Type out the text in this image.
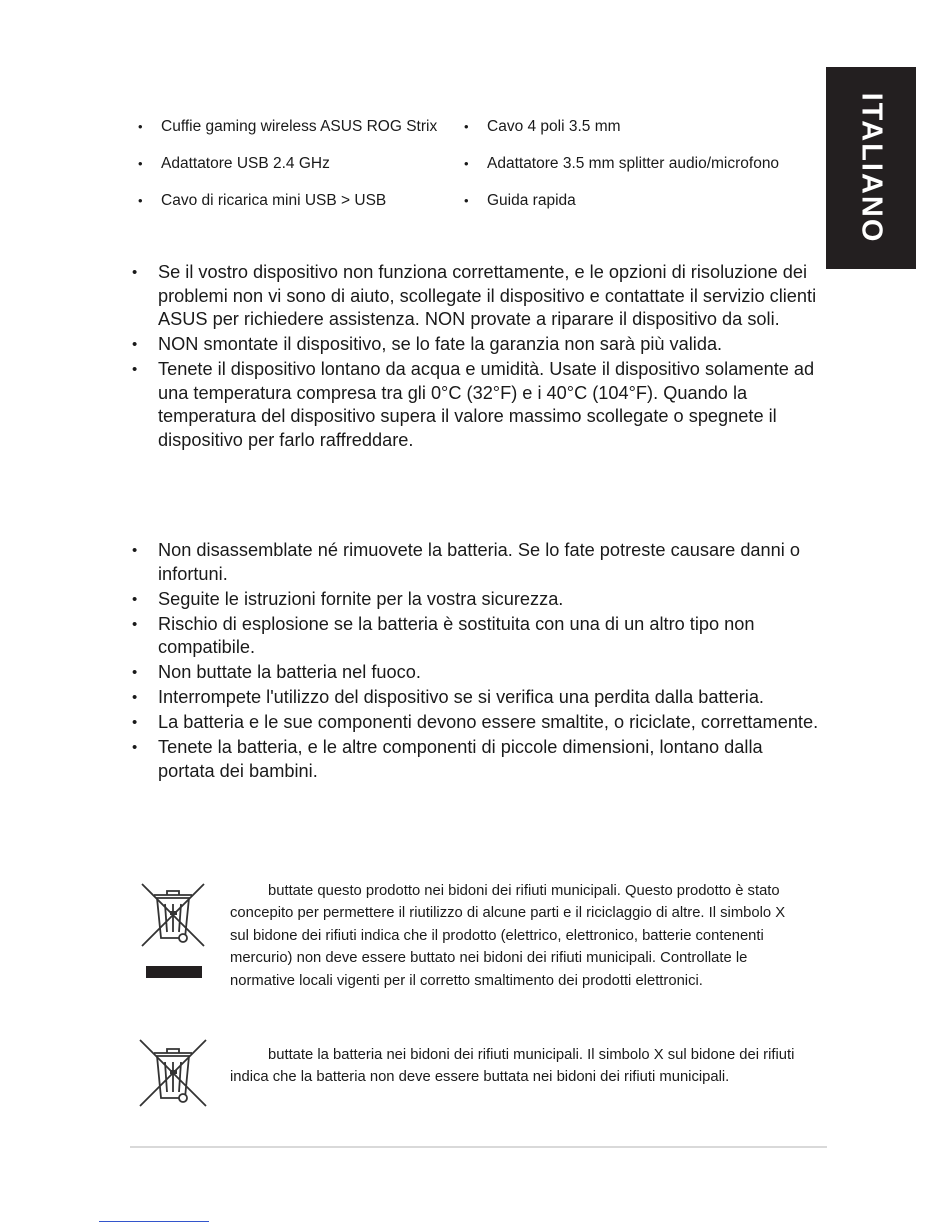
ITALIANO
•	Cuffie gaming wireless ASUS ROG Strix •	Cavo 4 poli 3.5 mm
•	Adattatore USB 2.4 GHz	•	Adattatore 3.5 mm splitter audio/microfono
•	Cavo di ricarica mini USB > USB	•	Guida rapida
•	Se il vostro dispositivo non funziona correttamente, e le opzioni di risoluzione dei problemi non vi sono di aiuto, scollegate il dispositivo e contattate il servizio clienti ASUS per richiedere assistenza. NON provate a riparare il dispositivo da soli.
•	NON smontate il dispositivo, se lo fate la garanzia non sarà più valida.
•	Tenete il dispositivo lontano da acqua e umidità. Usate il dispositivo solamente ad una temperatura compresa tra gli 0°C (32°F) e i 40°C (104°F). Quando la temperatura del dispositivo supera il valore massimo scollegate o spegnete il dispositivo per farlo raffreddare.
•	Non disassemblate né rimuovete la batteria. Se lo fate potreste causare danni o infortuni.
•	Seguite le istruzioni fornite per la vostra sicurezza.
•	Rischio di esplosione se la batteria è sostituita con una di un altro tipo non compatibile.
•	Non buttate la batteria nel fuoco.
•	Interrompete l'utilizzo del dispositivo se si verifica una perdita dalla batteria.
•	La batteria e le sue componenti devono essere smaltite, o riciclate, correttamente.
•	Tenete la batteria, e le altre componenti di piccole dimensioni, lontano dalla portata dei bambini.
buttate questo prodotto nei bidoni dei rifiuti municipali. Questo prodotto è stato concepito per permettere il riutilizzo di alcune parti e il riciclaggio di altre. Il simbolo X sul bidone dei rifiuti indica che il prodotto (elettrico, elettronico, batterie contenenti mercurio) non deve essere buttato nei bidoni dei rifiuti municipali. Controllate le normative locali vigenti per il corretto smaltimento dei prodotti elettronici.
buttate la batteria nei bidoni dei rifiuti municipali. Il simbolo X sul bidone dei rifiuti indica che la batteria non deve essere buttata nei bidoni dei rifiuti municipali.
